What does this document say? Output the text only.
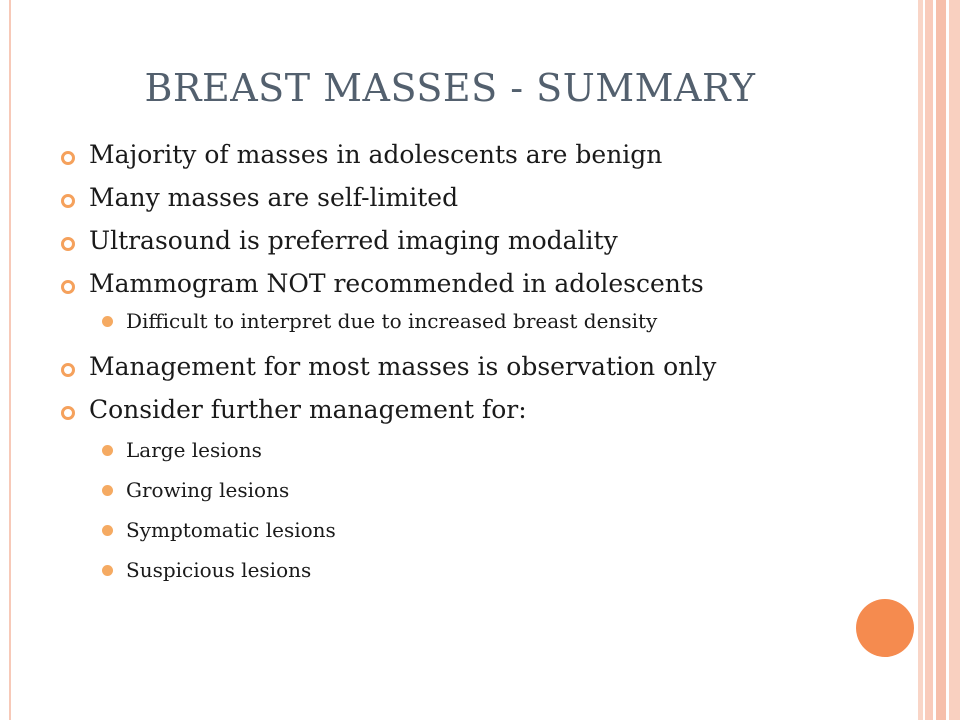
BREAST MASSES - SUMMARY
Majority of masses in adolescents are benign
Many masses are self-limited
Ultrasound is preferred imaging modality
Mammogram NOT recommended in adolescents
Difficult to interpret due to increased breast density
Management for most masses is observation only
Consider further management for:
Large lesions
Growing lesions
Symptomatic lesions
Suspicious lesions
